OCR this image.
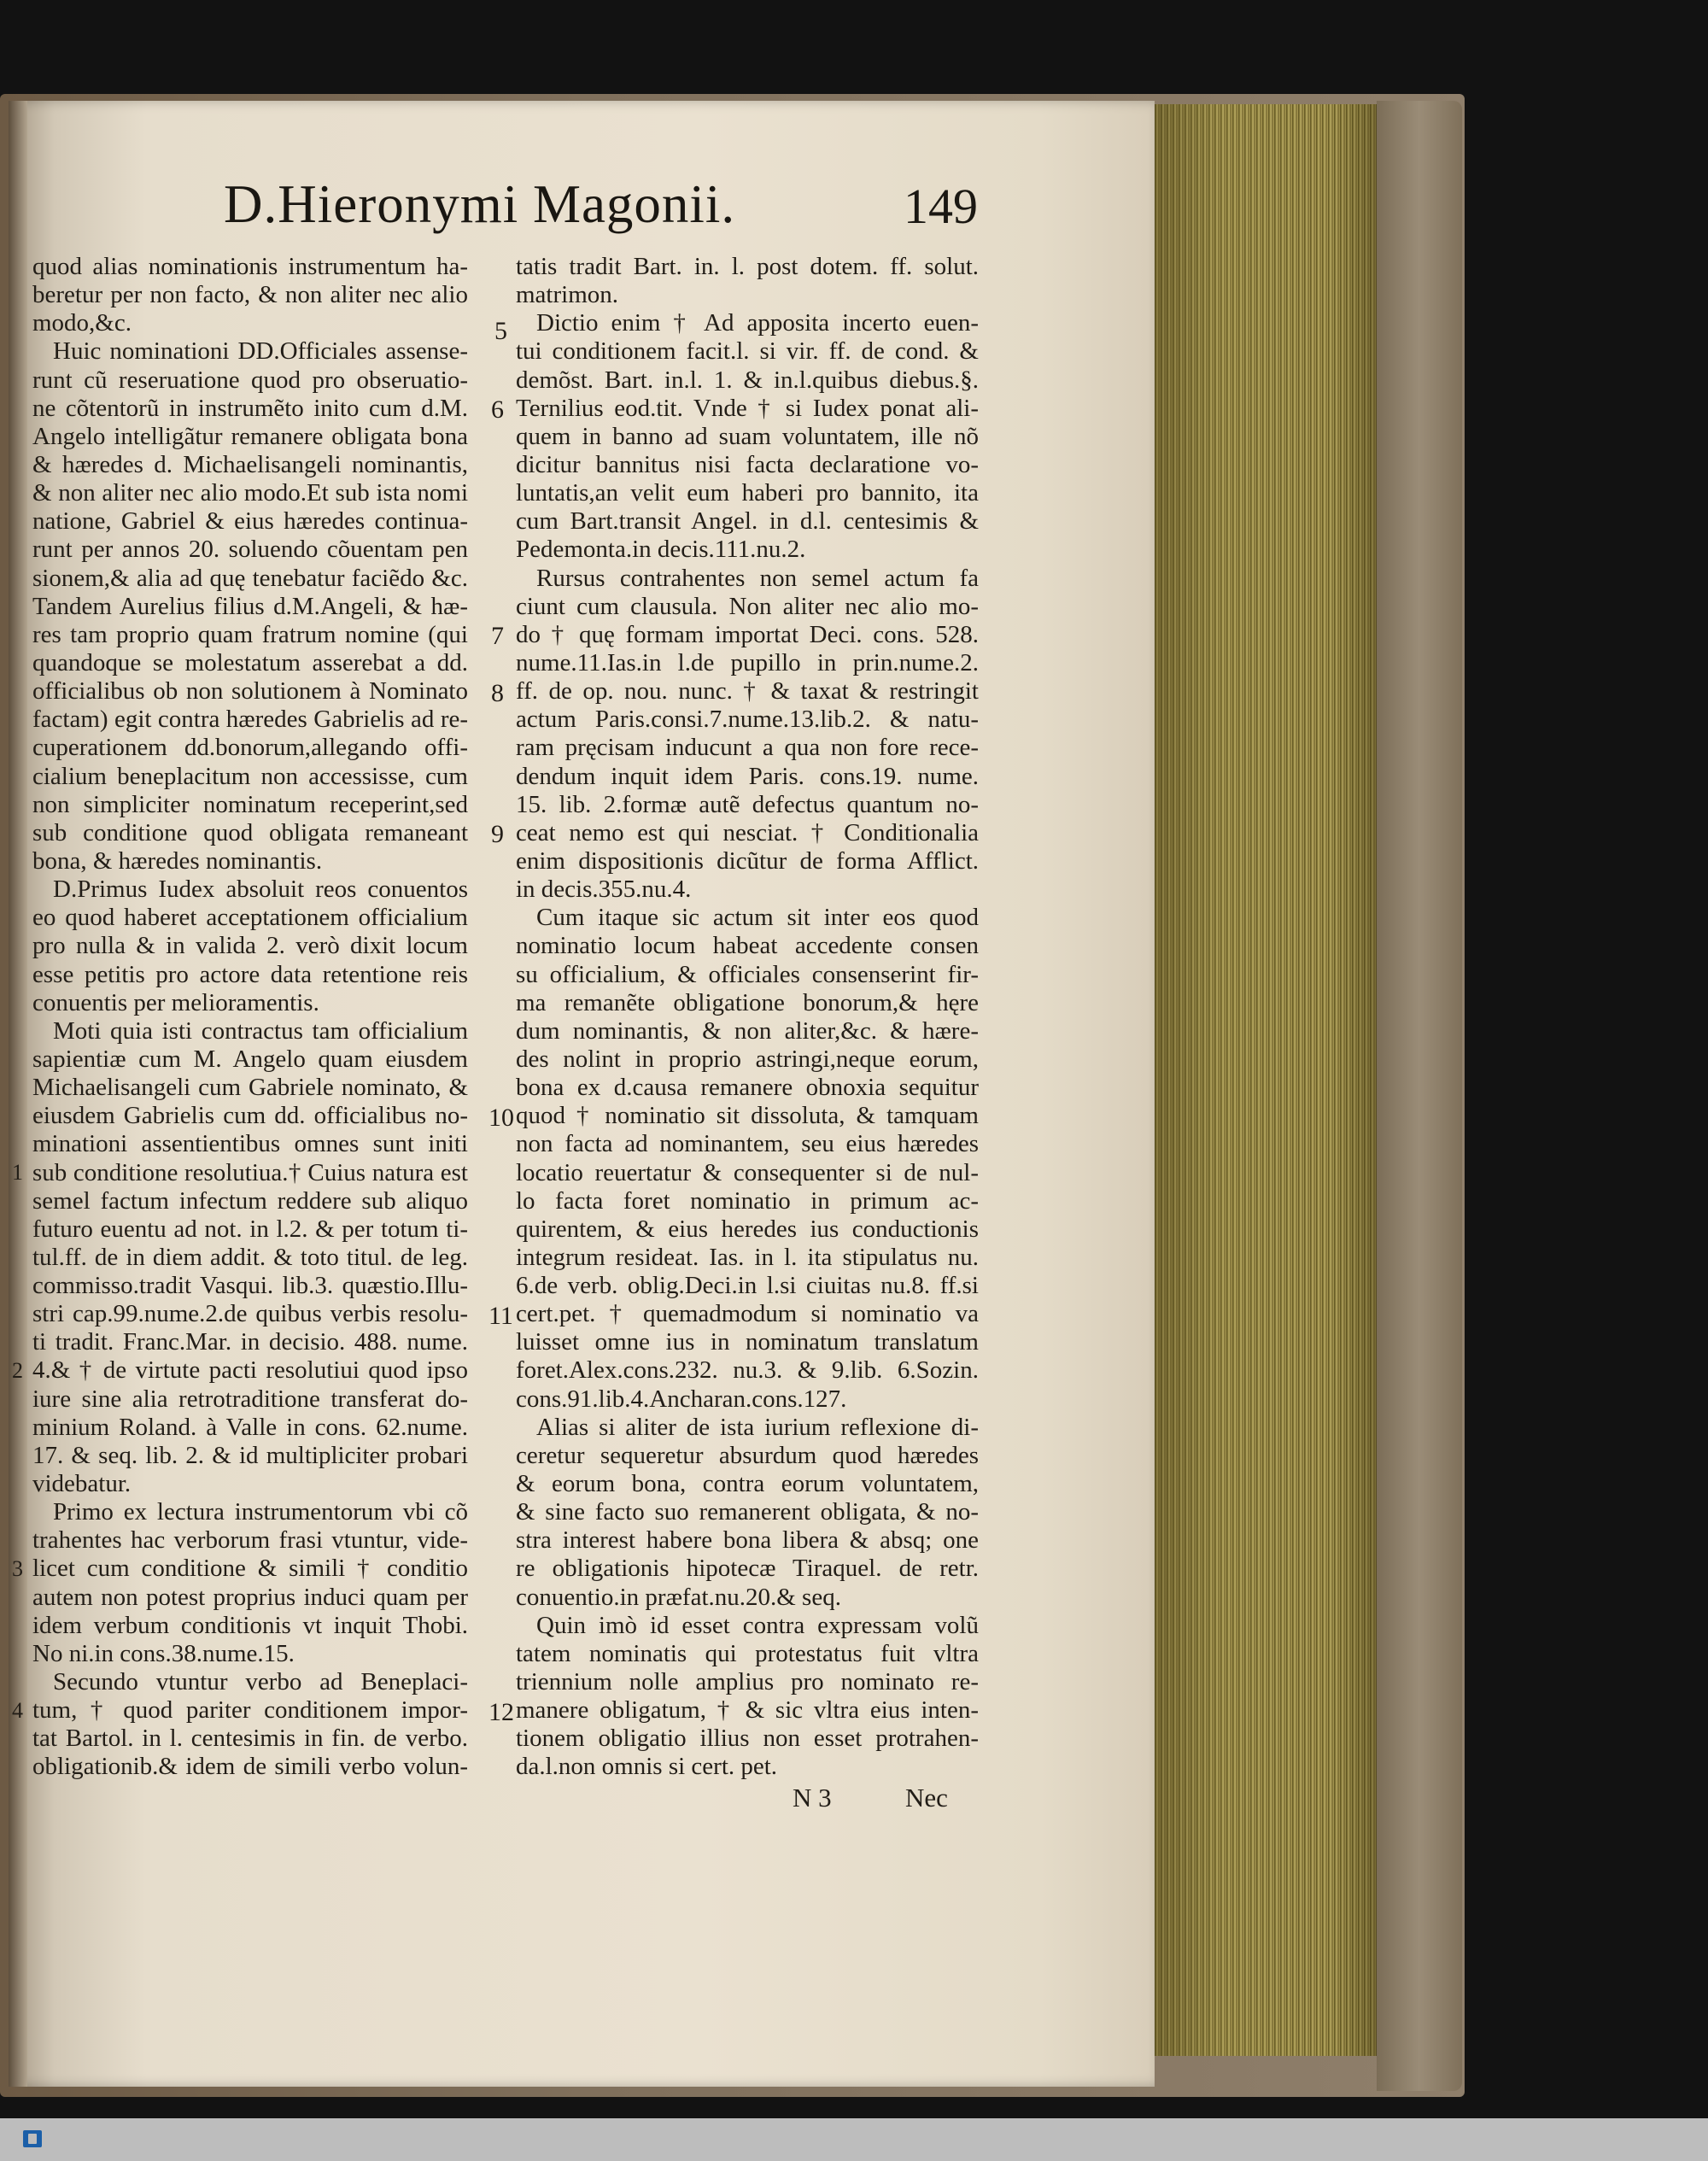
D.Hieronymi Magonii.	149
quod alias nominationis instrumentum ha-
beretur per non facto, & non aliter nec alio
modo,&c.
Huic nominationi DD.Officiales assense-
runt cũ reseruatione quod pro obseruatio-
ne cõtentorũ in instrumẽto inito cum d.M.
Angelo intelligãtur remanere obligata bona
& hæredes d. Michaelisangeli nominantis,
& non aliter nec alio modo.Et sub ista nomi
natione, Gabriel & eius hæredes continua-
runt per annos 20. soluendo cõuentam pen
sionem,& alia ad quę tenebatur faciẽdo &c.
Tandem Aurelius filius d.M.Angeli, & hæ-
res tam proprio quam fratrum nomine (qui
quandoque se molestatum asserebat a dd.
officialibus ob non solutionem à Nominato
factam) egit contra hæredes Gabrielis ad re-
cuperationem dd.bonorum,allegando offi-
cialium beneplacitum non accessisse, cum
non simpliciter nominatum receperint,sed
sub conditione quod obligata remaneant
bona, & hæredes nominantis.
D.Primus Iudex absoluit reos conuentos
eo quod haberet acceptationem officialium
pro nulla & in valida 2. verò dixit locum
esse petitis pro actore data retentione reis
conuentis per melioramentis.
Moti quia isti contractus tam officialium
sapientiæ cum M. Angelo quam eiusdem
Michaelisangeli cum Gabriele nominato, &
eiusdem Gabrielis cum dd. officialibus no-
minationi assentientibus omnes sunt initi
sub conditione resolutiua.† Cuius natura est
semel factum infectum reddere sub aliquo
futuro euentu ad not. in l.2. & per totum ti-
tul.ff. de in diem addit. & toto titul. de leg.
commisso.tradit Vasqui. lib.3. quæstio.Illu-
stri cap.99.nume.2.de quibus verbis resolu-
ti tradit. Franc.Mar. in decisio. 488. nume.
4.& † de virtute pacti resolutiui quod ipso
iure sine alia retrotraditione transferat do-
minium Roland. à Valle in cons. 62.nume.
17. & seq. lib. 2. & id multipliciter probari
videbatur.
Primo ex lectura instrumentorum vbi cõ
trahentes hac verborum frasi vtuntur, vide-
licet cum conditione & simili † conditio
autem non potest proprius induci quam per
idem verbum conditionis vt inquit Thobi.
No ni.in cons.38.nume.15.
Secundo vtuntur verbo ad Beneplaci-
tum, † quod pariter conditionem impor-
tat Bartol. in l. centesimis in fin. de verbo.
obligationib.& idem de simili verbo volun-
tatis tradit Bart. in. l. post dotem. ff. solut.
matrimon.
Dictio enim † Ad apposita incerto euen-
tui conditionem facit.l. si vir. ff. de cond. &
demõst. Bart. in.l. 1. & in.l.quibus diebus.§.
Ternilius eod.tit. Vnde † si Iudex ponat ali-
quem in banno ad suam voluntatem, ille nõ
dicitur bannitus nisi facta declaratione vo-
luntatis,an velit eum haberi pro bannito, ita
cum Bart.transit Angel. in d.l. centesimis &
Pedemonta.in decis.111.nu.2.
Rursus contrahentes non semel actum fa
ciunt cum clausula. Non aliter nec alio mo-
do † quę formam importat Deci. cons. 528.
nume.11.Ias.in l.de pupillo in prin.nume.2.
ff. de op. nou. nunc. † & taxat & restringit
actum Paris.consi.7.nume.13.lib.2. & natu-
ram pręcisam inducunt a qua non fore rece-
dendum inquit idem Paris. cons.19. nume.
15. lib. 2.formæ autẽ defectus quantum no-
ceat nemo est qui nesciat. † Conditionalia
enim dispositionis dicũtur de forma Afflict.
in decis.355.nu.4.
Cum itaque sic actum sit inter eos quod
nominatio locum habeat accedente consen
su officialium, & officiales consenserint fir-
ma remanẽte obligatione bonorum,& hęre
dum nominantis, & non aliter,&c. & hære-
des nolint in proprio astringi,neque eorum,
bona ex d.causa remanere obnoxia sequitur
quod † nominatio sit dissoluta, & tamquam
non facta ad nominantem, seu eius hæredes
locatio reuertatur & consequenter si de nul-
lo facta foret nominatio in primum ac-
quirentem, & eius heredes ius conductionis
integrum resideat. Ias. in l. ita stipulatus nu.
6.de verb. oblig.Deci.in l.si ciuitas nu.8. ff.si
cert.pet. † quemadmodum si nominatio va
luisset omne ius in nominatum translatum
foret.Alex.cons.232. nu.3. & 9.lib. 6.Sozin.
cons.91.lib.4.Ancharan.cons.127.
Alias si aliter de ista iurium reflexione di-
ceretur sequeretur absurdum quod hæredes
& eorum bona, contra eorum voluntatem,
& sine facto suo remanerent obligata, & no-
stra interest habere bona libera & absq; one
re obligationis hipotecæ Tiraquel. de retr.
conuentio.in præfat.nu.20.& seq.
Quin imò id esset contra expressam volũ
tatem nominatis qui protestatus fuit vltra
triennium nolle amplius pro nominato re-
manere obligatum, † & sic vltra eius inten-
tionem obligatio illius non esset protrahen-
da.l.non omnis si cert. pet.
5
6
7
8
9
10
11
12
1
2
3
4
N 3	Nec
